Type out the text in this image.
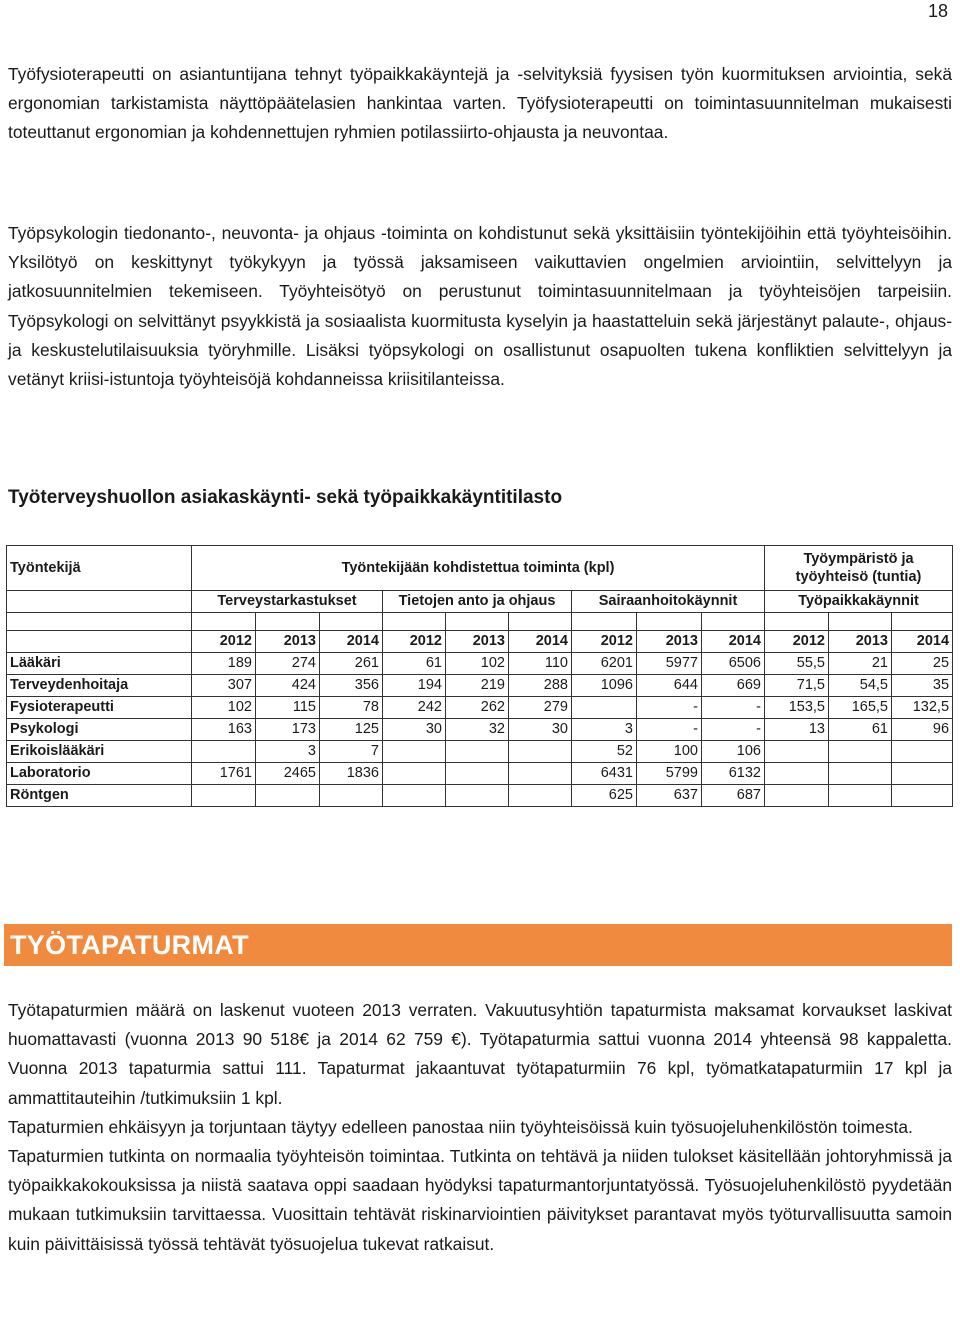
18

Työfysioterapeutti on asiantuntijana tehnyt työpaikkakäyntejä ja -selvityksiä fyysisen työn kuormituksen arviointia, sekä ergonomian tarkistamista näyttöpäätelasien hankintaa varten. Työfysioterapeutti on toimintasuunnitelman mukaisesti toteuttanut ergonomian ja kohdennettujen ryhmien potilassiirto-ohjausta ja neuvontaa.

Työpsykologin tiedonanto-, neuvonta- ja ohjaus -toiminta on kohdistunut sekä yksittäisiin työntekijöihin että työyhteisöihin. Yksilötyö on keskittynyt työkykyyn ja työssä jaksamiseen vaikuttavien ongelmien arviointiin, selvittelyyn ja jatkosuunnitelmien tekemiseen. Työyhteisötyö on perustunut toimintasuunnitelmaan ja työyhteisöjen tarpeisiin. Työpsykologi on selvittänyt psyykkistä ja sosiaalista kuormitusta kyselyin ja haastatteluin sekä järjestänyt palaute-, ohjaus- ja keskustelutilaisuuksia työryhmille. Lisäksi työpsykologi on osallistunut osapuolten tukena konfliktien selvittelyyn ja vetänyt kriisi-istuntoja työyhteisöjä kohdanneissa kriisitilanteissa.

Työterveyshuollon asiakaskäynti- sekä työpaikkakäyntitilasto
Työntekijä	Työntekijään kohdistettua toiminta (kpl)									Työympäristö ja
työyhteisö (tuntia)		
	Terveystarkastukset			Tietojen anto ja ohjaus			Sairaanhoitokäynnit			Työpaikkakäynnit		

	2012	2013	2014	2012	2013	2014	2012	2013	2014	2012	2013	2014
Lääkäri	189	274	261	61	102	110	6201	5977	6506	55,5	21	25
Terveydenhoitaja	307	424	356	194	219	288	1096	644	669	71,5	54,5	35
Fysioterapeutti	102	115	78	242	262	279		-	-	153,5	165,5	132,5
Psykologi	163	173	125	30	32	30	3	-	-	13	61	96
Erikoislääkäri		3	7				52	100	106			
Laboratorio	1761	2465	1836				6431	5799	6132			
Röntgen							625	637	687			
TYÖTAPATURMAT

Työtapaturmien määrä on laskenut vuoteen 2013 verraten. Vakuutusyhtiön tapaturmista maksamat korvaukset laskivat huomattavasti (vuonna 2013 90 518€ ja 2014 62 759 €). Työtapaturmia sattui vuonna 2014 yhteensä 98 kappaletta. Vuonna 2013 tapaturmia sattui 111. Tapaturmat jakaantuvat työtapaturmiin 76 kpl, työmatkatapaturmiin 17 kpl ja ammattitauteihin /tutkimuksiin 1 kpl.
Tapaturmien ehkäisyyn ja torjuntaan täytyy edelleen panostaa niin työyhteisöissä kuin työsuojeluhenkilöstön toimesta.
Tapaturmien tutkinta on normaalia työyhteisön toimintaa. Tutkinta on tehtävä ja niiden tulokset käsitellään johtoryhmissä ja työpaikkakokouksissa ja niistä saatava oppi saadaan hyödyksi tapaturmantorjuntatyössä. Työsuojeluhenkilöstö pyydetään mukaan tutkimuksiin tarvittaessa. Vuosittain tehtävät riskinarviointien päivitykset parantavat myös työturvallisuutta samoin kuin päivittäisissä työssä tehtävät työsuojelua tukevat ratkaisut.
